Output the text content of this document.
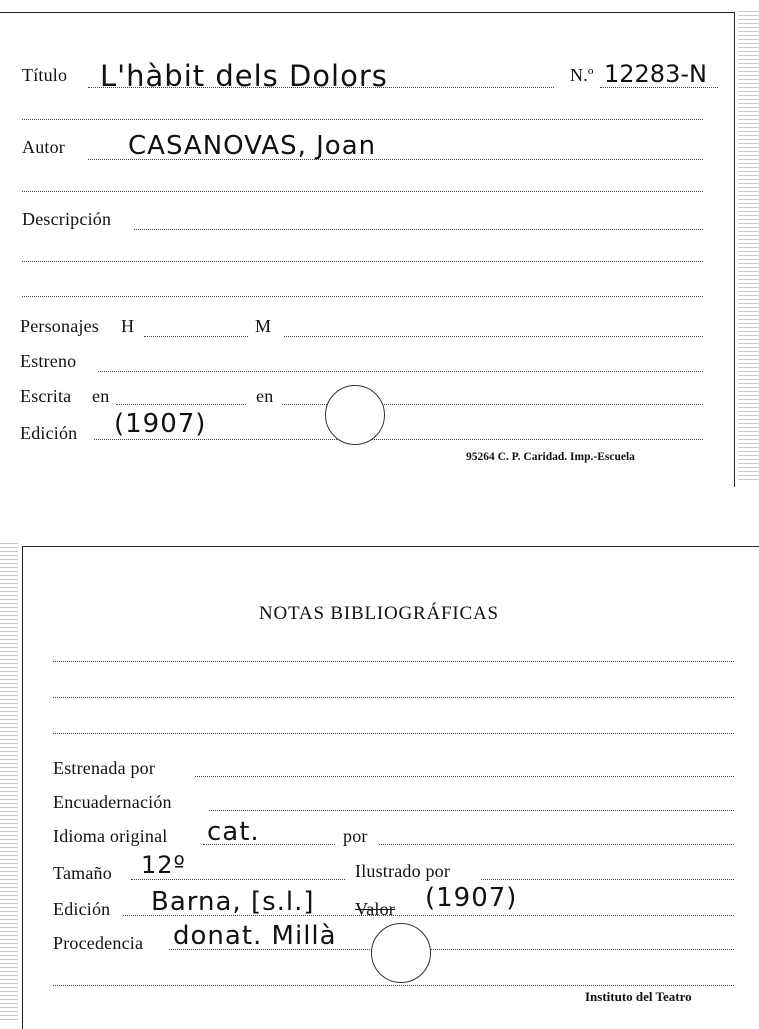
Título L'hàbit dels Dolors	N.º 12283-N
Autor CASANOVAS, Joan
Descripción
Personajes H	M
Estreno
Escrita en	en
Edición (1907)
95264 C. P. Caridad. Imp.-Escuela
NOTAS BIBLIOGRÁFICAS
Estrenada por
Encuadernación
Idioma original cat.	por
Tamaño 12º	Ilustrado por
Edición Barna, [s.l.] Valor (1907)
Procedencia donat. Millà
Instituto del Teatro
